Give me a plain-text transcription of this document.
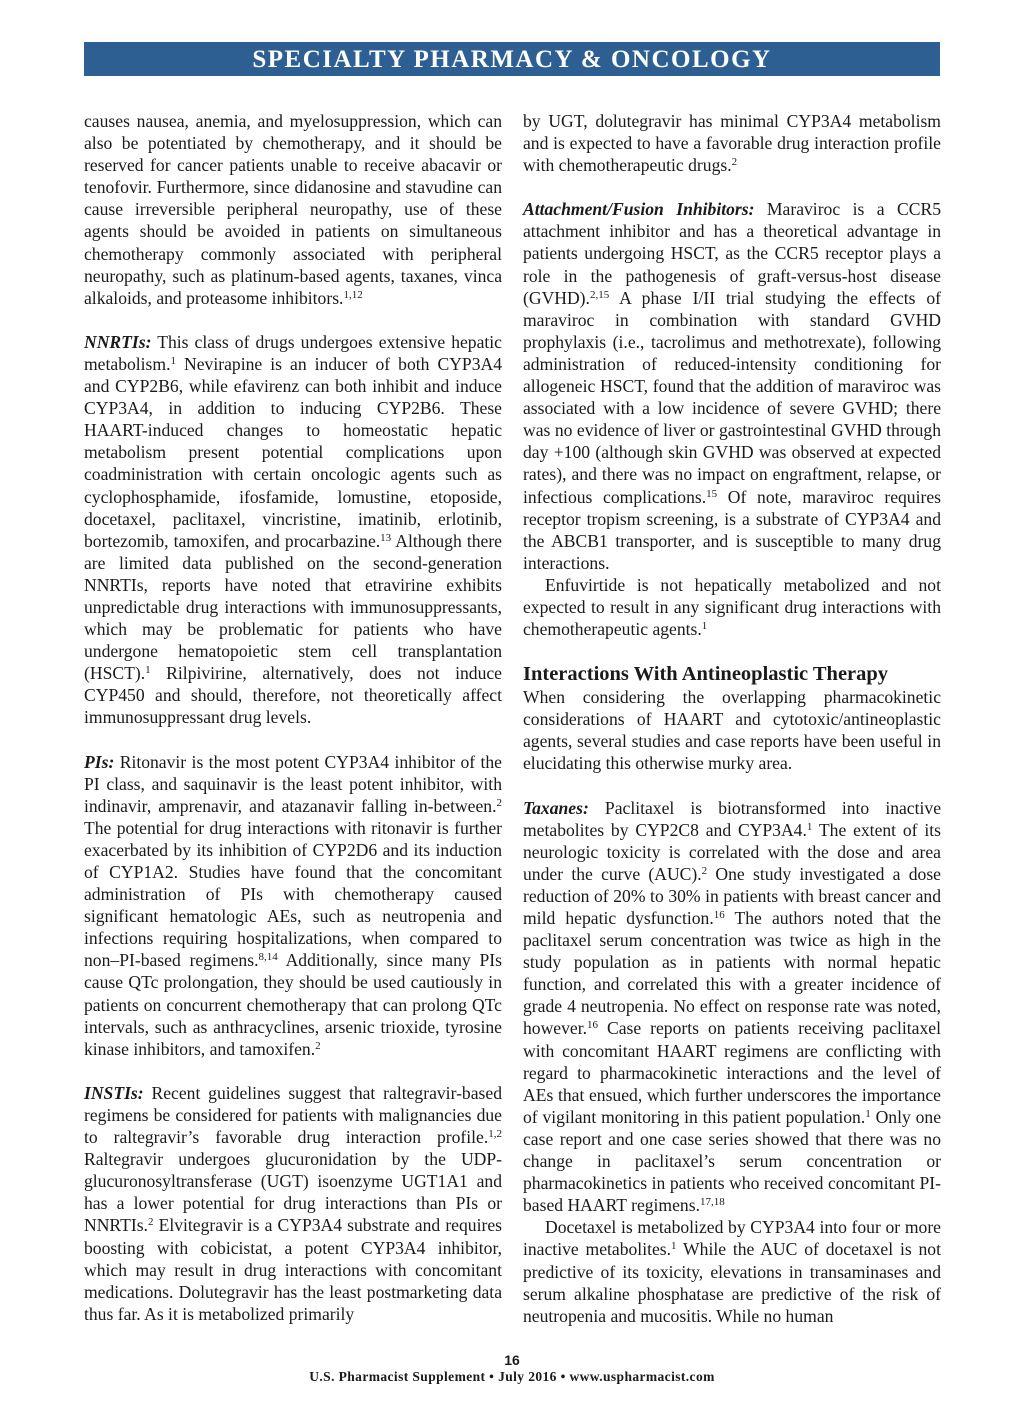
SPECIALTY PHARMACY & ONCOLOGY

causes nausea, anemia, and myelosuppression, which can also be potentiated by chemotherapy, and it should be reserved for cancer patients unable to receive abacavir or tenofovir. Furthermore, since didanosine and stavudine can cause irreversible peripheral neuropathy, use of these agents should be avoided in patients on simultaneous chemotherapy commonly associated with peripheral neuropathy, such as platinum-based agents, taxanes, vinca alkaloids, and proteasome inhibitors.$^{1,12}$

NNRTIs: This class of drugs undergoes extensive hepatic metabolism.$^1$ Nevirapine is an inducer of both CYP3A4 and CYP2B6, while efavirenz can both inhibit and induce CYP3A4, in addition to inducing CYP2B6. These HAART-induced changes to homeostatic hepatic metabolism present potential complications upon coadministration with certain oncologic agents such as cyclophosphamide, ifosfamide, lomustine, etoposide, docetaxel, paclitaxel, vincristine, imatinib, erlotinib, bortezomib, tamoxifen, and procarbazine.$^{13}$ Although there are limited data published on the second-generation NNRTIs, reports have noted that etravirine exhibits unpredictable drug interactions with immunosuppressants, which may be problematic for patients who have undergone hematopoietic stem cell transplantation (HSCT).$^1$ Rilpivirine, alternatively, does not induce CYP450 and should, therefore, not theoretically affect immunosuppressant drug levels.

PIs: Ritonavir is the most potent CYP3A4 inhibitor of the PI class, and saquinavir is the least potent inhibitor, with indinavir, amprenavir, and atazanavir falling in-between.$^2$ The potential for drug interactions with ritonavir is further exacerbated by its inhibition of CYP2D6 and its induction of CYP1A2. Studies have found that the concomitant administration of PIs with chemotherapy caused significant hematologic AEs, such as neutropenia and infections requiring hospitalizations, when compared to non–PI-based regimens.$^{8,14}$ Additionally, since many PIs cause QTc prolongation, they should be used cautiously in patients on concurrent chemotherapy that can prolong QTc intervals, such as anthracyclines, arsenic trioxide, tyrosine kinase inhibitors, and tamoxifen.$^2$

INSTIs: Recent guidelines suggest that raltegravir-based regimens be considered for patients with malignancies due to raltegravir’s favorable drug interaction profile.$^{1,2}$ Raltegravir undergoes glucuronidation by the UDP-glucuronosyltransferase (UGT) isoenzyme UGT1A1 and has a lower potential for drug interactions than PIs or NNRTIs.$^2$ Elvitegravir is a CYP3A4 substrate and requires boosting with cobicistat, a potent CYP3A4 inhibitor, which may result in drug interactions with concomitant medications. Dolutegravir has the least postmarketing data thus far. As it is metabolized primarily

by UGT, dolutegravir has minimal CYP3A4 metabolism and is expected to have a favorable drug interaction profile with chemotherapeutic drugs.$^2$

Attachment/Fusion Inhibitors: Maraviroc is a CCR5 attachment inhibitor and has a theoretical advantage in patients undergoing HSCT, as the CCR5 receptor plays a role in the pathogenesis of graft-versus-host disease (GVHD).$^{2,15}$ A phase I/II trial studying the effects of maraviroc in combination with standard GVHD prophylaxis (i.e., tacrolimus and methotrexate), following administration of reduced-intensity conditioning for allogeneic HSCT, found that the addition of maraviroc was associated with a low incidence of severe GVHD; there was no evidence of liver or gastrointestinal GVHD through day +100 (although skin GVHD was observed at expected rates), and there was no impact on engraftment, relapse, or infectious complications.$^{15}$ Of note, maraviroc requires receptor tropism screening, is a substrate of CYP3A4 and the ABCB1 transporter, and is susceptible to many drug interactions.

Enfuvirtide is not hepatically metabolized and not expected to result in any significant drug interactions with chemotherapeutic agents.$^1$

Interactions With Antineoplastic Therapy

When considering the overlapping pharmacokinetic considerations of HAART and cytotoxic/antineoplastic agents, several studies and case reports have been useful in elucidating this otherwise murky area.

Taxanes: Paclitaxel is biotransformed into inactive metabolites by CYP2C8 and CYP3A4.$^1$ The extent of its neurologic toxicity is correlated with the dose and area under the curve (AUC).$^2$ One study investigated a dose reduction of 20% to 30% in patients with breast cancer and mild hepatic dysfunction.$^{16}$ The authors noted that the paclitaxel serum concentration was twice as high in the study population as in patients with normal hepatic function, and correlated this with a greater incidence of grade 4 neutropenia. No effect on response rate was noted, however.$^{16}$ Case reports on patients receiving paclitaxel with concomitant HAART regimens are conflicting with regard to pharmacokinetic interactions and the level of AEs that ensued, which further underscores the importance of vigilant monitoring in this patient population.$^1$ Only one case report and one case series showed that there was no change in paclitaxel’s serum concentration or pharmacokinetics in patients who received concomitant PI-based HAART regimens.$^{17,18}$

Docetaxel is metabolized by CYP3A4 into four or more inactive metabolites.$^1$ While the AUC of docetaxel is not predictive of its toxicity, elevations in transaminases and serum alkaline phosphatase are predictive of the risk of neutropenia and mucositis. While no human

16
U.S. Pharmacist Supplement • July 2016 • www.uspharmacist.com
